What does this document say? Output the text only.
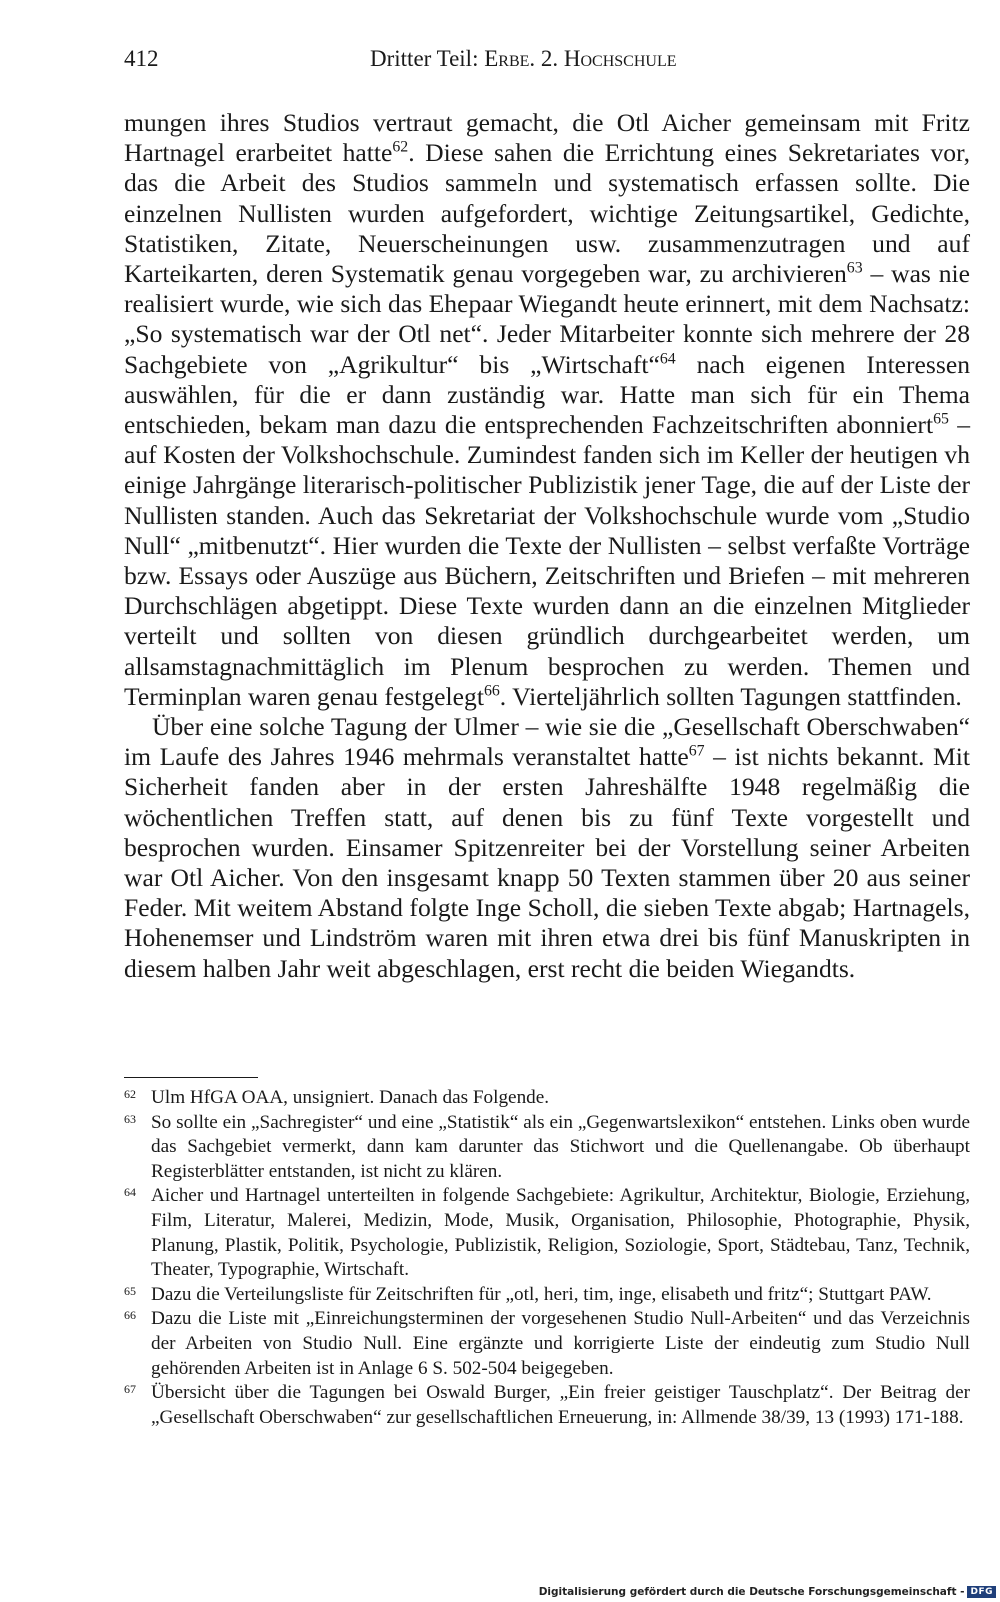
412	Dritter Teil: Erbe. 2. Hochschule

mungen ihres Studios vertraut gemacht, die Otl Aicher gemeinsam mit Fritz Hartnagel erarbeitet hatte$^{62}$. Diese sahen die Errichtung eines Sekretariates vor, das die Arbeit des Studios sammeln und systematisch erfassen sollte. Die einzelnen Nullisten wurden aufgefordert, wichtige Zeitungsartikel, Gedichte, Statistiken, Zitate, Neuerscheinungen usw. zusammenzutragen und auf Karteikarten, deren Systematik genau vorgegeben war, zu archivieren$^{63}$ – was nie realisiert wurde, wie sich das Ehepaar Wiegandt heute erinnert, mit dem Nachsatz: „So systematisch war der Otl net“. Jeder Mitarbeiter konnte sich mehrere der 28 Sachgebiete von „Agrikultur“ bis „Wirtschaft“$^{64}$ nach eigenen Interessen auswählen, für die er dann zuständig war. Hatte man sich für ein Thema entschieden, bekam man dazu die entsprechenden Fachzeitschriften abonniert$^{65}$ – auf Kosten der Volkshochschule. Zumindest fanden sich im Keller der heutigen vh einige Jahrgänge literarisch-politischer Publizistik jener Tage, die auf der Liste der Nullisten standen. Auch das Sekretariat der Volkshochschule wurde vom „Studio Null“ „mitbenutzt“. Hier wurden die Texte der Nullisten – selbst verfaßte Vorträge bzw. Essays oder Auszüge aus Büchern, Zeitschriften und Briefen – mit mehreren Durchschlägen abgetippt. Diese Texte wurden dann an die einzelnen Mitglieder verteilt und sollten von diesen gründlich durchgearbeitet werden, um allsamstagnachmittäglich im Plenum besprochen zu werden. Themen und Terminplan waren genau festgelegt$^{66}$. Vierteljährlich sollten Tagungen stattfinden.

Über eine solche Tagung der Ulmer – wie sie die „Gesellschaft Oberschwaben“ im Laufe des Jahres 1946 mehrmals veranstaltet hatte$^{67}$ – ist nichts bekannt. Mit Sicherheit fanden aber in der ersten Jahreshälfte 1948 regelmäßig die wöchentlichen Treffen statt, auf denen bis zu fünf Texte vorgestellt und besprochen wurden. Einsamer Spitzenreiter bei der Vorstellung seiner Arbeiten war Otl Aicher. Von den insgesamt knapp 50 Texten stammen über 20 aus seiner Feder. Mit weitem Abstand folgte Inge Scholl, die sieben Texte abgab; Hartnagels, Hohenemser und Lindström waren mit ihren etwa drei bis fünf Manuskripten in diesem halben Jahr weit abgeschlagen, erst recht die beiden Wiegandts.

62 Ulm HfGA OAA, unsigniert. Danach das Folgende.

63 So sollte ein „Sachregister“ und eine „Statistik“ als ein „Gegenwartslexikon“ entstehen. Links oben wurde das Sachgebiet vermerkt, dann kam darunter das Stichwort und die Quellenangabe. Ob überhaupt Registerblätter entstanden, ist nicht zu klären.

64 Aicher und Hartnagel unterteilten in folgende Sachgebiete: Agrikultur, Architektur, Biologie, Erziehung, Film, Literatur, Malerei, Medizin, Mode, Musik, Organisation, Philosophie, Photographie, Physik, Planung, Plastik, Politik, Psychologie, Publizistik, Religion, Soziologie, Sport, Städtebau, Tanz, Technik, Theater, Typographie, Wirtschaft.

65 Dazu die Verteilungsliste für Zeitschriften für „otl, heri, tim, inge, elisabeth und fritz“; Stuttgart PAW.

66 Dazu die Liste mit „Einreichungsterminen der vorgesehenen Studio Null-Arbeiten“ und das Verzeichnis der Arbeiten von Studio Null. Eine ergänzte und korrigierte Liste der eindeutig zum Studio Null gehörenden Arbeiten ist in Anlage 6 S. 502-504 beigegeben.

67 Übersicht über die Tagungen bei Oswald Burger, „Ein freier geistiger Tauschplatz“. Der Beitrag der „Gesellschaft Oberschwaben“ zur gesellschaftlichen Erneuerung, in: Allmende 38/39, 13 (1993) 171-188.

Digitalisierung gefördert durch die Deutsche Forschungsgemeinschaft - DFG
